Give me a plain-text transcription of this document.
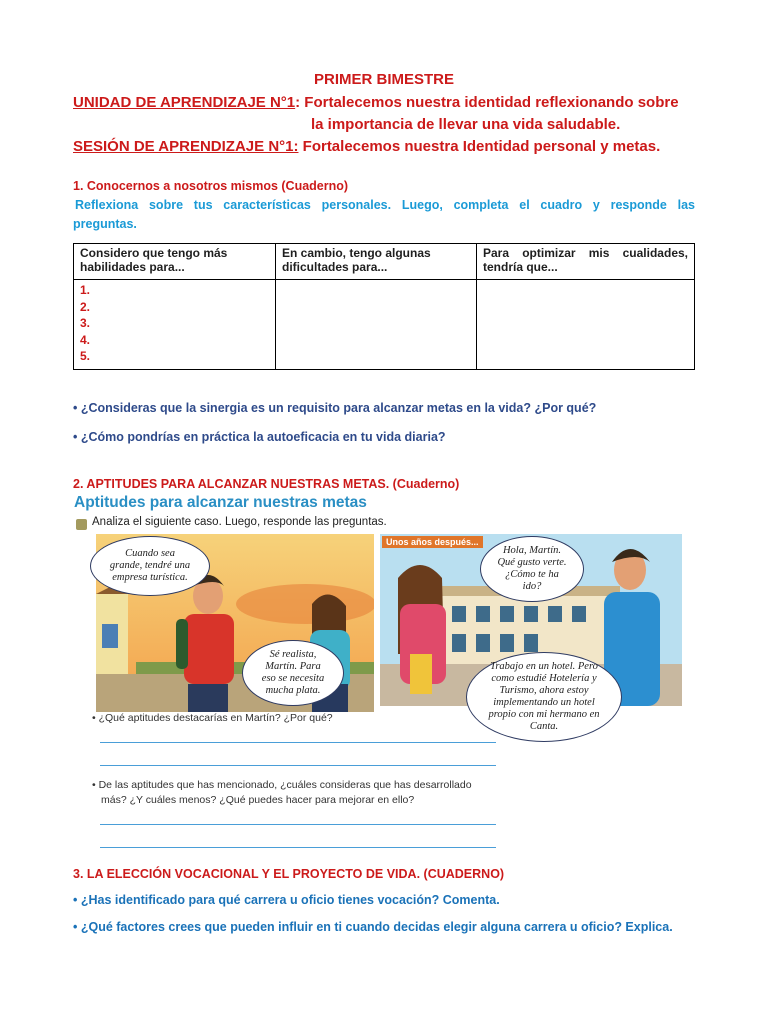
PRIMER BIMESTRE
UNIDAD DE APRENDIZAJE N°1: Fortalecemos nuestra identidad reflexionando sobre
la importancia de llevar una vida saludable.
SESIÓN DE APRENDIZAJE N°1: Fortalecemos nuestra Identidad personal y metas.
1. Conocernos a nosotros mismos (Cuaderno)
Reflexiona sobre tus características personales. Luego, completa el cuadro y responde las
preguntas.
Considero que tengo más habilidades para...	En cambio, tengo algunas dificultades para...	Para optimizar mis cualidades,
tendría que...

1.
2.
3.
4.
5.		

• ¿Consideras que la sinergia es un requisito para alcanzar metas en la vida? ¿Por qué?
• ¿Cómo pondrías en práctica la autoeficacia en tu vida diaria?
2. APTITUDES PARA ALCANZAR NUESTRAS METAS. (Cuaderno)
Aptitudes para alcanzar nuestras metas
Analiza el siguiente caso. Luego, responde las preguntas.
Unos años después...
Cuando sea grande, tendré una empresa turística.
Sé realista, Martín. Para eso se necesita mucha plata.
Hola, Martín. Qué gusto verte. ¿Cómo te ha ido?
Trabajo en un hotel. Pero como estudié Hotelería y Turismo, ahora estoy implementando un hotel propio con mi hermano en Canta.
• ¿Qué aptitudes destacarías en Martín? ¿Por qué?
• De las aptitudes que has mencionado, ¿cuáles consideras que has desarrollado
más? ¿Y cuáles menos? ¿Qué puedes hacer para mejorar en ello?
3. LA ELECCIÓN VOCACIONAL Y EL PROYECTO DE VIDA. (CUADERNO)
• ¿Has identificado para qué carrera u oficio tienes vocación? Comenta.
• ¿Qué factores crees que pueden influir en ti cuando decidas elegir alguna carrera u oficio? Explica.
